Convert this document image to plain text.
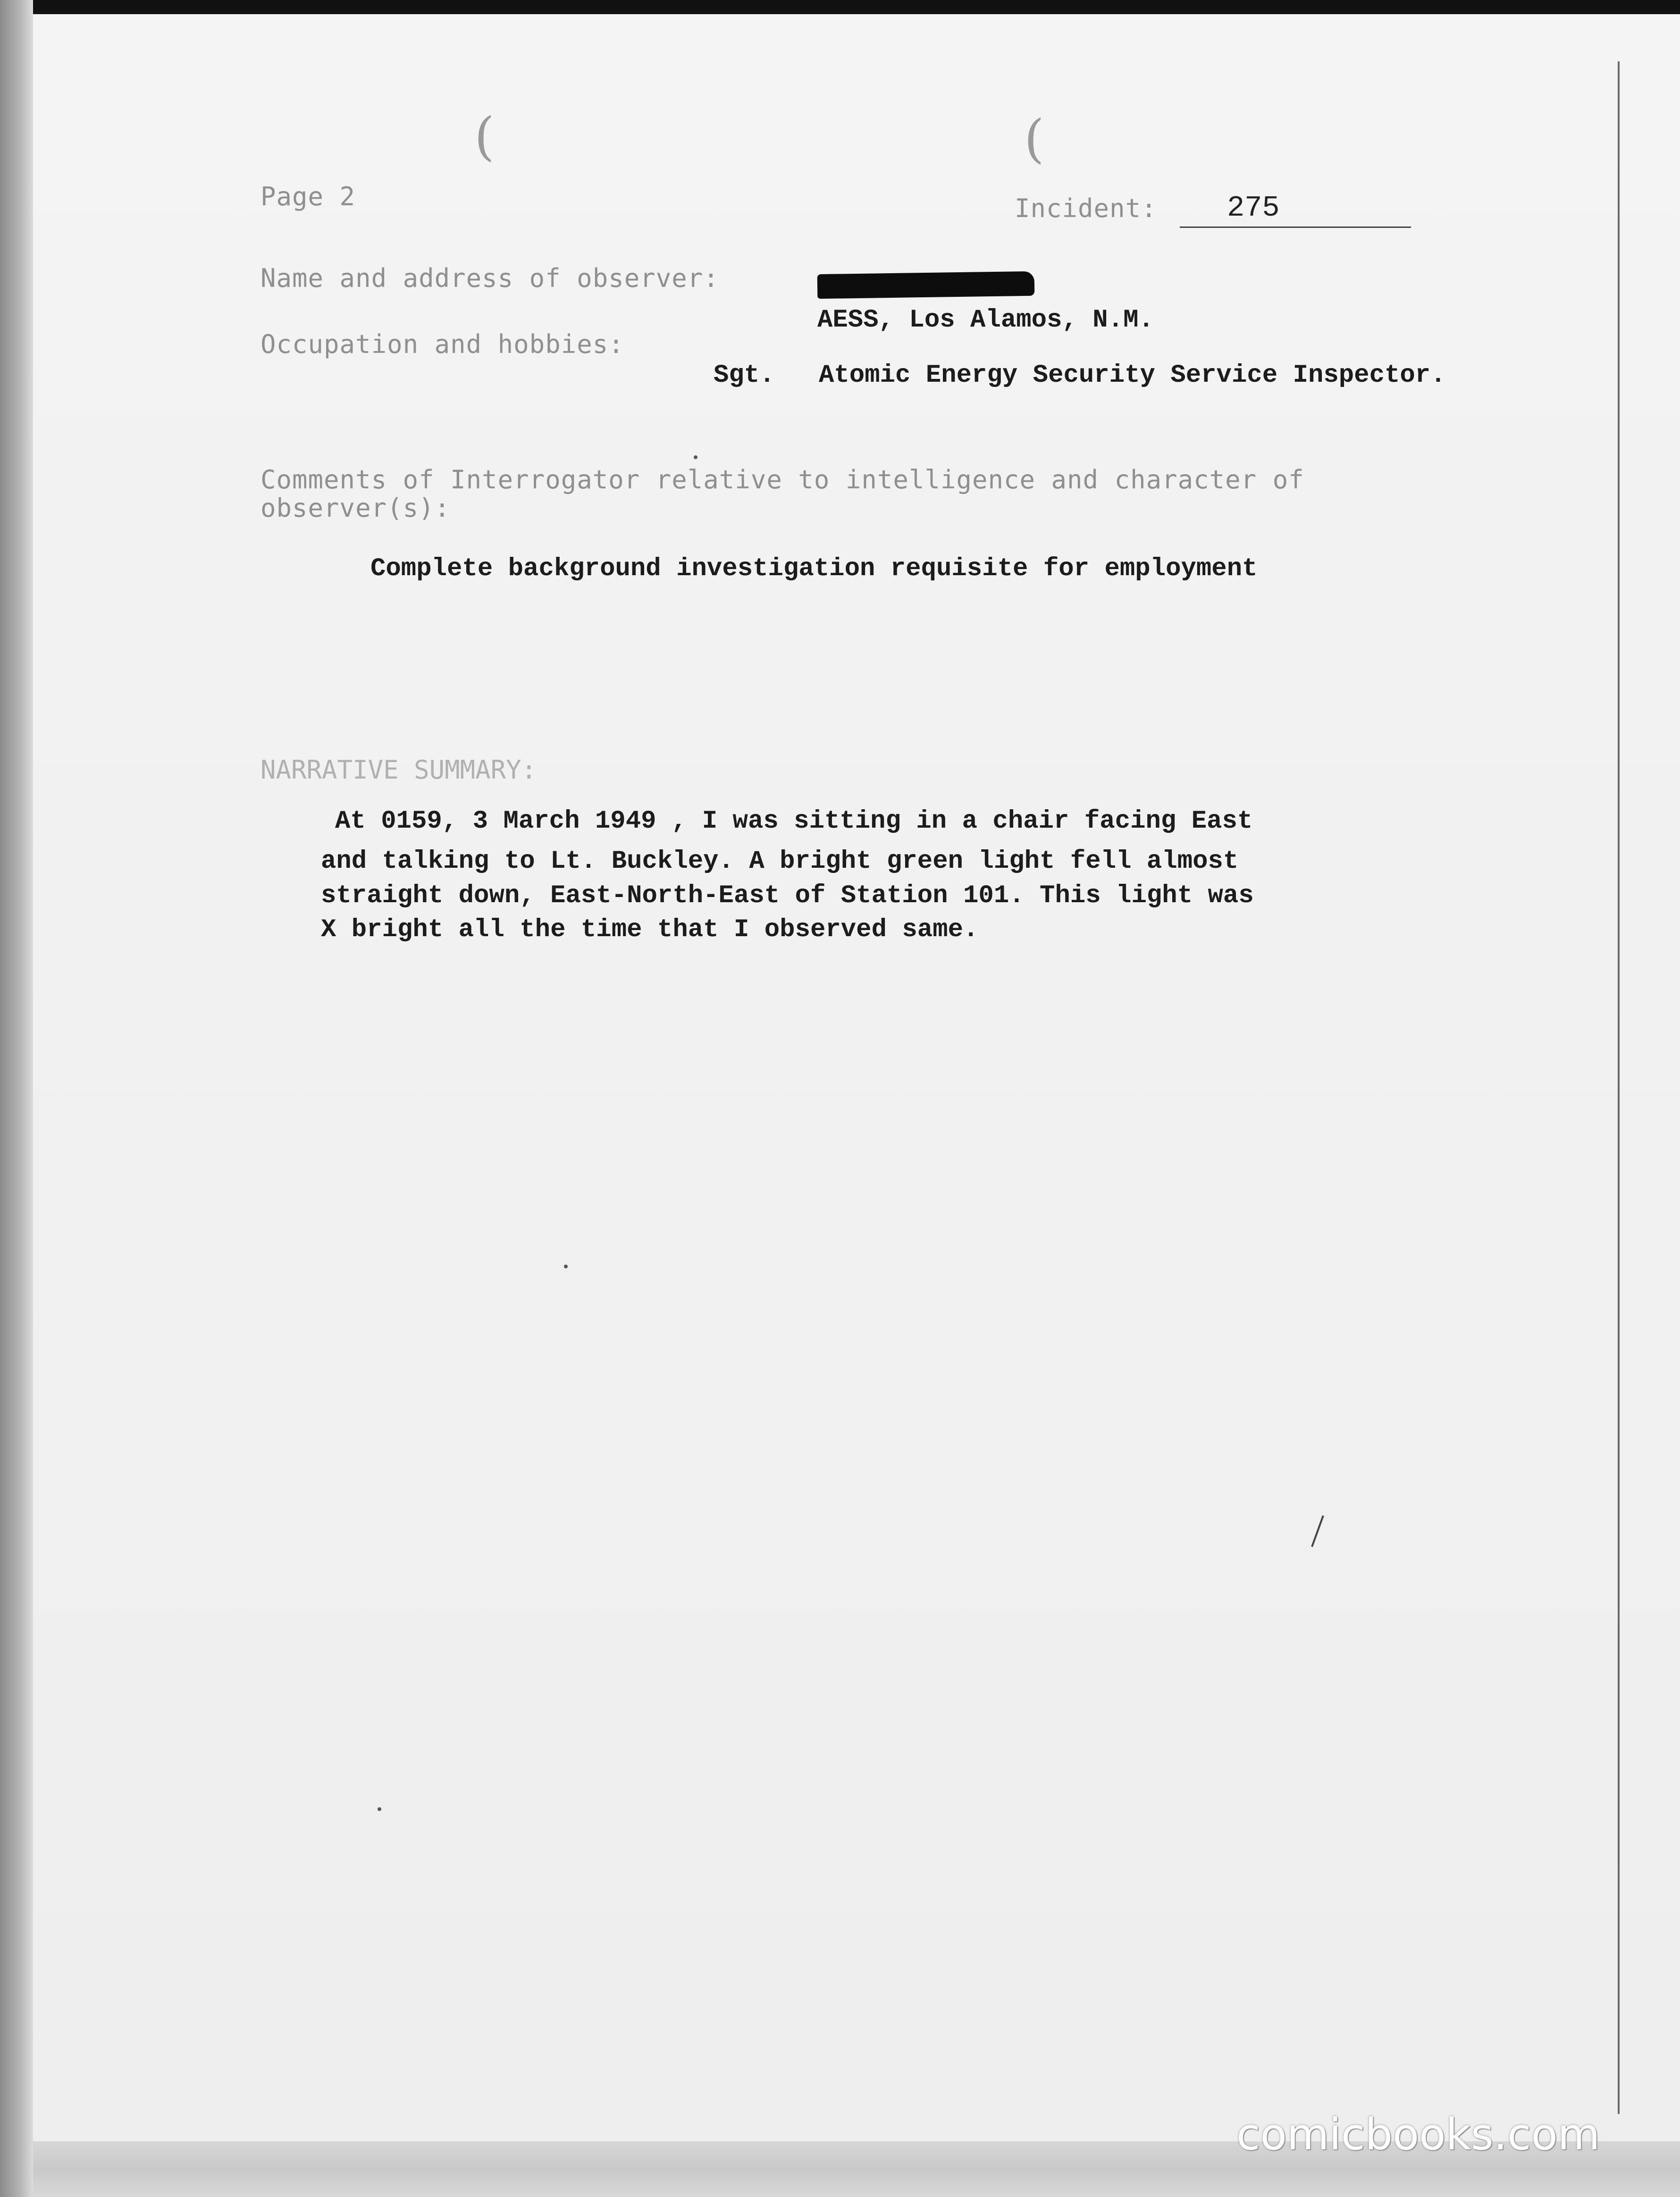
(	(
Page 2	Incident: 275
Name and address of observer:
AESS, Los Alamos, N.M.
Occupation and hobbies:
Sgt. Atomic Energy Security Service Inspector.
Comments of Interrogator relative to intelligence and character of
observer(s):
Complete background investigation requisite for employment
NARRATIVE SUMMARY:
At 0159, 3 March 1949 , I was sitting in a chair facing East
and talking to Lt. Buckley. A bright green light fell almost
straight down, East-North-East of Station 101. This light was
X bright all the time that I observed same.
comicbooks.com
